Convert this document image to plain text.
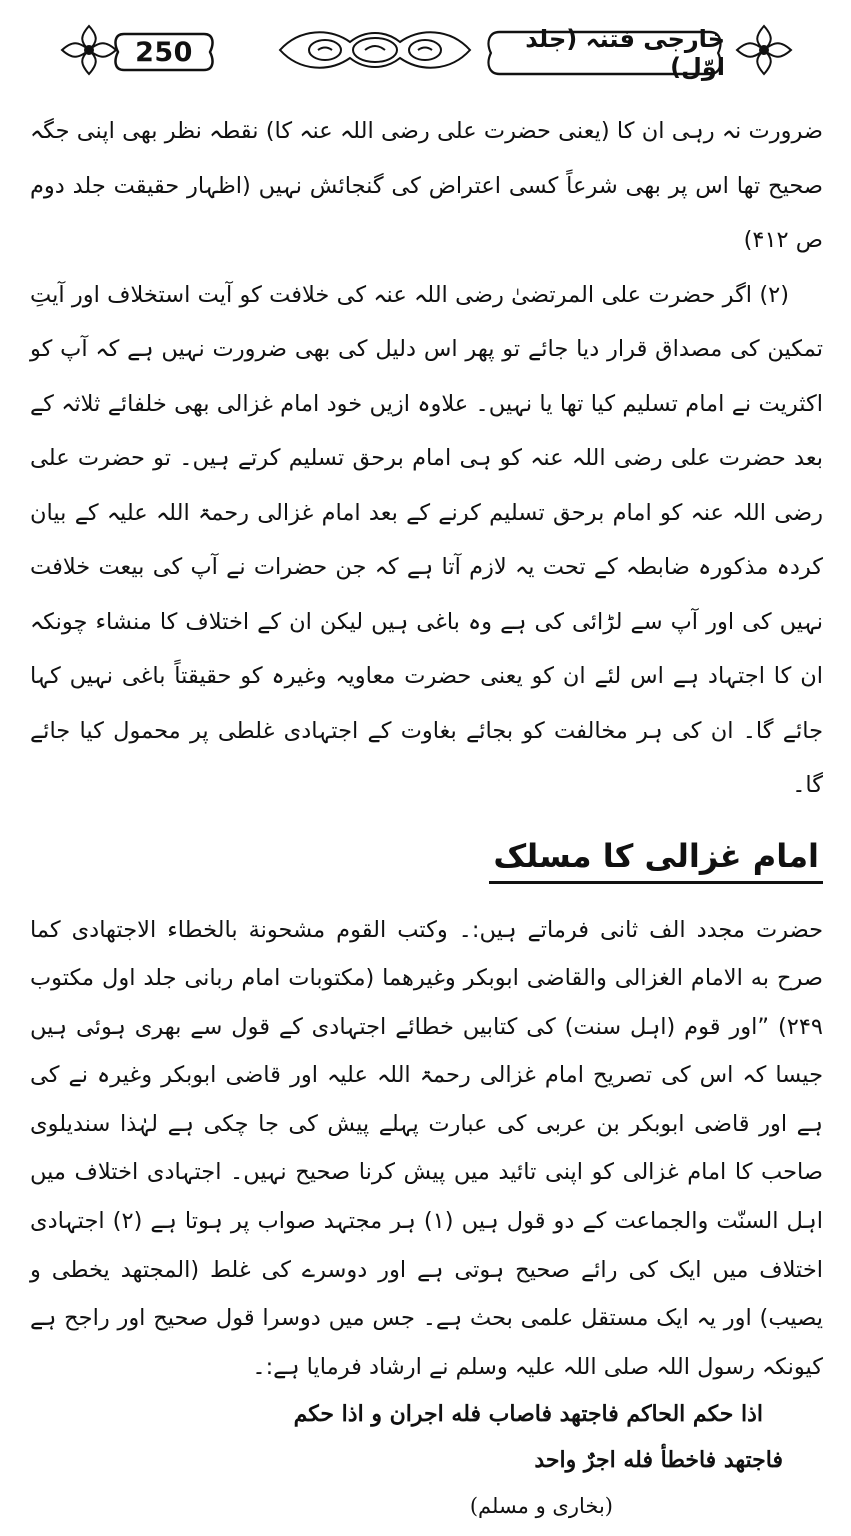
250	خارجی فتنہ (جلد اوّل)

ضرورت نہ رہی ان کا (یعنی حضرت علی رضی اللہ عنہ کا) نقطہ نظر بھی اپنی جگہ صحیح تھا اس پر بھی شرعاً کسی اعتراض کی گنجائش نہیں (اظہار حقیقت جلد دوم ص ۴۱۲)

(۲) اگر حضرت علی المرتضیٰ رضی اللہ عنہ کی خلافت کو آیت استخلاف اور آیتِ تمکین کی مصداق قرار دیا جائے تو پھر اس دلیل کی بھی ضرورت نہیں ہے کہ آپ کو اکثریت نے امام تسلیم کیا تھا یا نہیں۔ علاوہ ازیں خود امام غزالی بھی خلفائے ثلاثہ کے بعد حضرت علی رضی اللہ عنہ کو ہی امام برحق تسلیم کرتے ہیں۔ تو حضرت علی رضی اللہ عنہ کو امام برحق تسلیم کرنے کے بعد امام غزالی رحمۃ اللہ علیہ کے بیان کردہ مذکورہ ضابطہ کے تحت یہ لازم آتا ہے کہ جن حضرات نے آپ کی بیعت خلافت نہیں کی اور آپ سے لڑائی کی ہے وہ باغی ہیں لیکن ان کے اختلاف کا منشاء چونکہ ان کا اجتہاد ہے اس لئے ان کو یعنی حضرت معاویہ وغیرہ کو حقیقتاً باغی نہیں کہا جائے گا۔ ان کی ہر مخالفت کو بجائے بغاوت کے اجتہادی غلطی پر محمول کیا جائے گا۔

امام غزالی کا مسلک

حضرت مجدد الف ثانی فرماتے ہیں:۔ وکتب القوم مشحونة بالخطاء الاجتهادی کما صرح به الامام الغزالی والقاضی ابوبکر وغیرهما (مکتوبات امام ربانی جلد اول مکتوب ۲۴۹) ”اور قوم (اہل سنت) کی کتابیں خطائے اجتہادی کے قول سے بھری ہوئی ہیں جیسا کہ اس کی تصریح امام غزالی رحمۃ اللہ علیہ اور قاضی ابوبکر وغیرہ نے کی ہے اور قاضی ابوبکر بن عربی کی عبارت پہلے پیش کی جا چکی ہے لہٰذا سندیلوی صاحب کا امام غزالی کو اپنی تائید میں پیش کرنا صحیح نہیں۔ اجتہادی اختلاف میں اہل السنّت والجماعت کے دو قول ہیں (۱) ہر مجتہد صواب پر ہوتا ہے (۲) اجتہادی اختلاف میں ایک کی رائے صحیح ہوتی ہے اور دوسرے کی غلط (المجتهد یخطی و یصیب) اور یہ ایک مستقل علمی بحث ہے۔ جس میں دوسرا قول صحیح اور راجح ہے کیونکہ رسول اللہ صلی اللہ علیہ وسلم نے ارشاد فرمایا ہے:۔

اذا حکم الحاکم فاجتهد فاصاب فله اجران و اذا حکم
فاجتهد فاخطأ فله اجرٌ واحد
(بخاری و مسلم)
